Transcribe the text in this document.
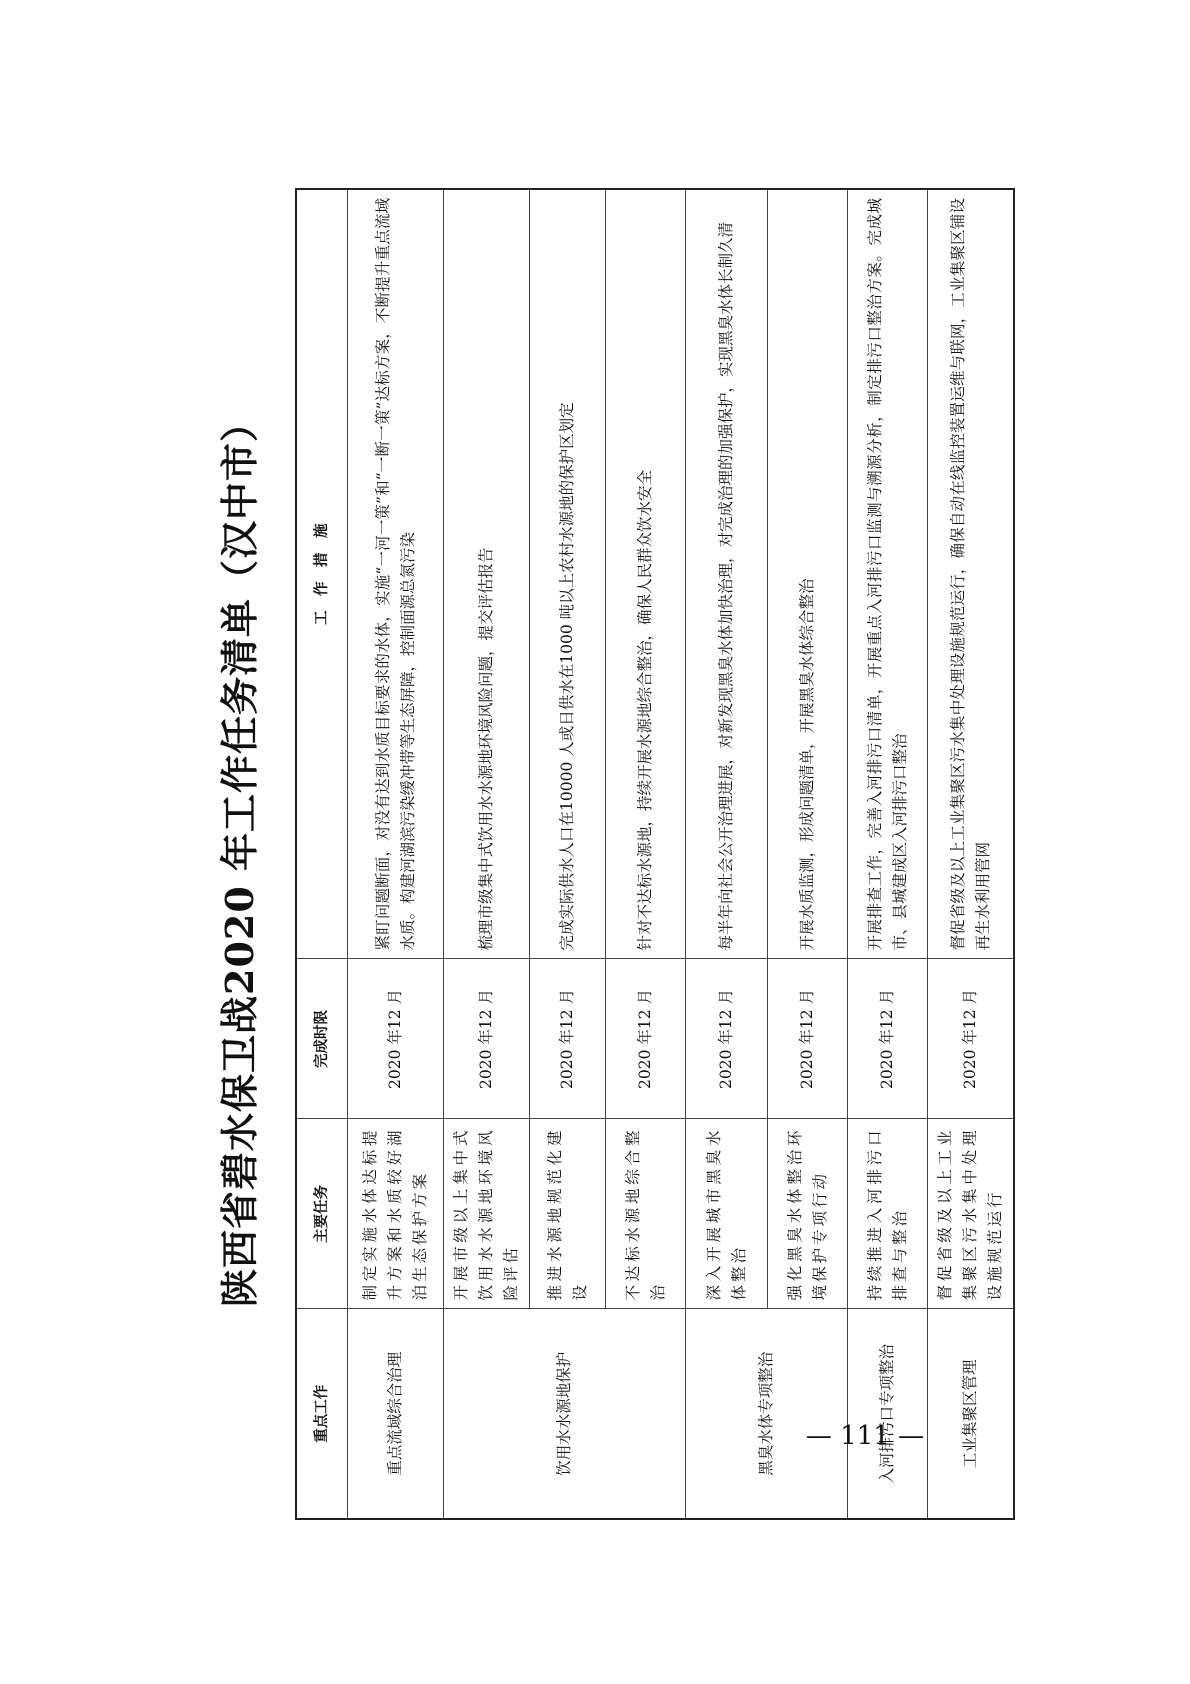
陕西省碧水保卫战2020 年工作任务清单（汉中市）
重点工作	主要任务	完成时限	工　作　措　施
重点流域综合治理	制定实施水体达标提升方案和水质较好湖泊生态保护方案	2020 年12 月	紧盯问题断面，对没有达到水质目标要求的水体，实施“一河一策”和“一断一策”达标方案，不断提升重点流域水质。构建河湖滨污染缓冲带等生态屏障，控制面源总氮污染
饮用水水源地保护	开展市级以上集中式饮用水水源地环境风险评估	2020 年12 月	梳理市级集中式饮用水水源地环境风险问题，提交评估报告
	推进水源地规范化建设	2020 年12 月	完成实际供水人口在10000 人或日供水在1000 吨以上农村水源地的保护区划定
	不达标水源地综合整治	2020 年12 月	针对不达标水源地，持续开展水源地综合整治，确保人民群众饮水安全
黑臭水体专项整治	深入开展城市黑臭水体整治	2020 年12 月	每半年向社会公开治理进展，对新发现黑臭水体加快治理，对完成治理的加强保护，实现黑臭水体长制久清
	强化黑臭水体整治环境保护专项行动	2020 年12 月	开展水质监测，形成问题清单，开展黑臭水体综合整治
入河排污口专项整治	持续推进入河排污口排查与整治	2020 年12 月	开展排查工作，完善入河排污口清单，开展重点入河排污口监测与溯源分析，制定排污口整治方案。完成城市、县城建成区入河排污口整治
工业集聚区管理	督促省级及以上工业集聚区污水集中处理设施规范运行	2020 年12 月	督促省级及以上工业集聚区污水集中处理设施规范运行，确保自动在线监控装置运维与联网，工业集聚区铺设再生水利用管网
— 111 —
